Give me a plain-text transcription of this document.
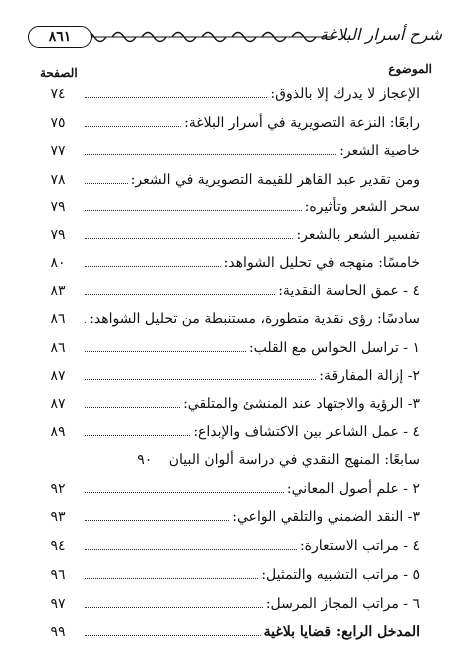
شرح أسرار البلاغة
٨٦١
الصفحة	الموضوع
الإعجاز لا يدرك إلا بالذوق:
٧٤
رابعًا: النزعة التصويرية في أسرار البلاغة:
٧٥
خاصية الشعر:
٧٧
ومن تقدير عبد القاهر للقيمة التصويرية في الشعر:
٧٨
سحر الشعر وتأثيره:
٧٩
تفسير الشعر بالشعر:
٧٩
خامسًا: منهجه في تحليل الشواهد:
٨٠
٤ - عمق الحاسة النقدية:
٨٣
سادسًا: رؤى نقدية متطورة، مستنبطة من تحليل الشواهد:
٨٦
١ - تراسل الحواس مع القلب:
٨٦
٢- إزالة المفارقة:
٨٧
٣- الرؤية والاجتهاد عند المنشئ والمتلقي:
٨٧
٤ - عمل الشاعر بين الاكتشاف والإبداع:
٨٩
سابعًا: المنهج النقدي في دراسة ألوان البيان
٩٠
٢ - علم أصول المعاني:
٩٢
٣- النقد الضمني والتلقي الواعي:
٩٣
٤ - مراتب الاستعارة:
٩٤
٥ - مراتب التشبيه والتمثيل:
٩٦
٦ - مراتب المجاز المرسل:
٩٧
المدخل الرابع: قضايا بلاغية
٩٩
